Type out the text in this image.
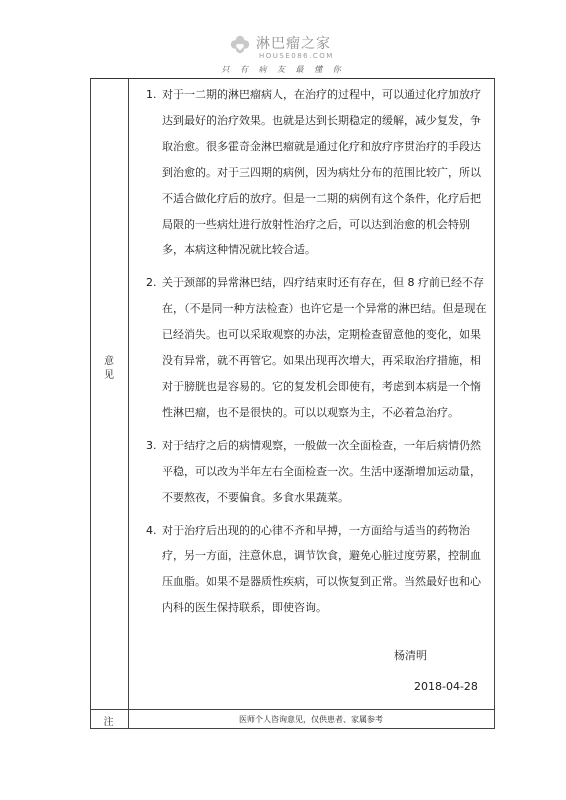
淋巴瘤之家
HOUSE086.COM
只 有 病 友 最 懂 你
意
见
1. 对于一二期的淋巴瘤病人，在治疗的过程中，可以通过化疗加放疗达到最好的治疗效果。也就是达到长期稳定的缓解，减少复发，争取治愈。很多霍奇金淋巴瘤就是通过化疗和放疗序贯治疗的手段达到治愈的。对于三四期的病例，因为病灶分布的范围比较广，所以不适合做化疗后的放疗。但是一二期的病例有这个条件，化疗后把局限的一些病灶进行放射性治疗之后，可以达到治愈的机会特别多，本病这种情况就比较合适。
2. 关于颈部的异常淋巴结，四疗结束时还有存在，但 8 疗前已经不存在，（不是同一种方法检查）也许它是一个异常的淋巴结。但是现在已经消失。也可以采取观察的办法，定期检查留意他的变化，如果没有异常，就不再管它。如果出现再次增大，再采取治疗措施，相对于膀胱也是容易的。它的复发机会即使有，考虑到本病是一个惰性淋巴瘤，也不是很快的。可以以观察为主，不必着急治疗。
3. 对于结疗之后的病情观察，一般做一次全面检查，一年后病情仍然平稳，可以改为半年左右全面检查一次。生活中逐渐增加运动量，不要熬夜，不要偏食。多食水果蔬菜。
4. 对于治疗后出现的的心律不齐和早搏，一方面给与适当的药物治疗，另一方面，注意休息，调节饮食，避免心脏过度劳累，控制血压血脂。如果不是器质性疾病，可以恢复到正常。当然最好也和心内科的医生保持联系，即使咨询。
杨清明
2018-04-28
注	医师个人咨询意见，仅供患者、家属参考
